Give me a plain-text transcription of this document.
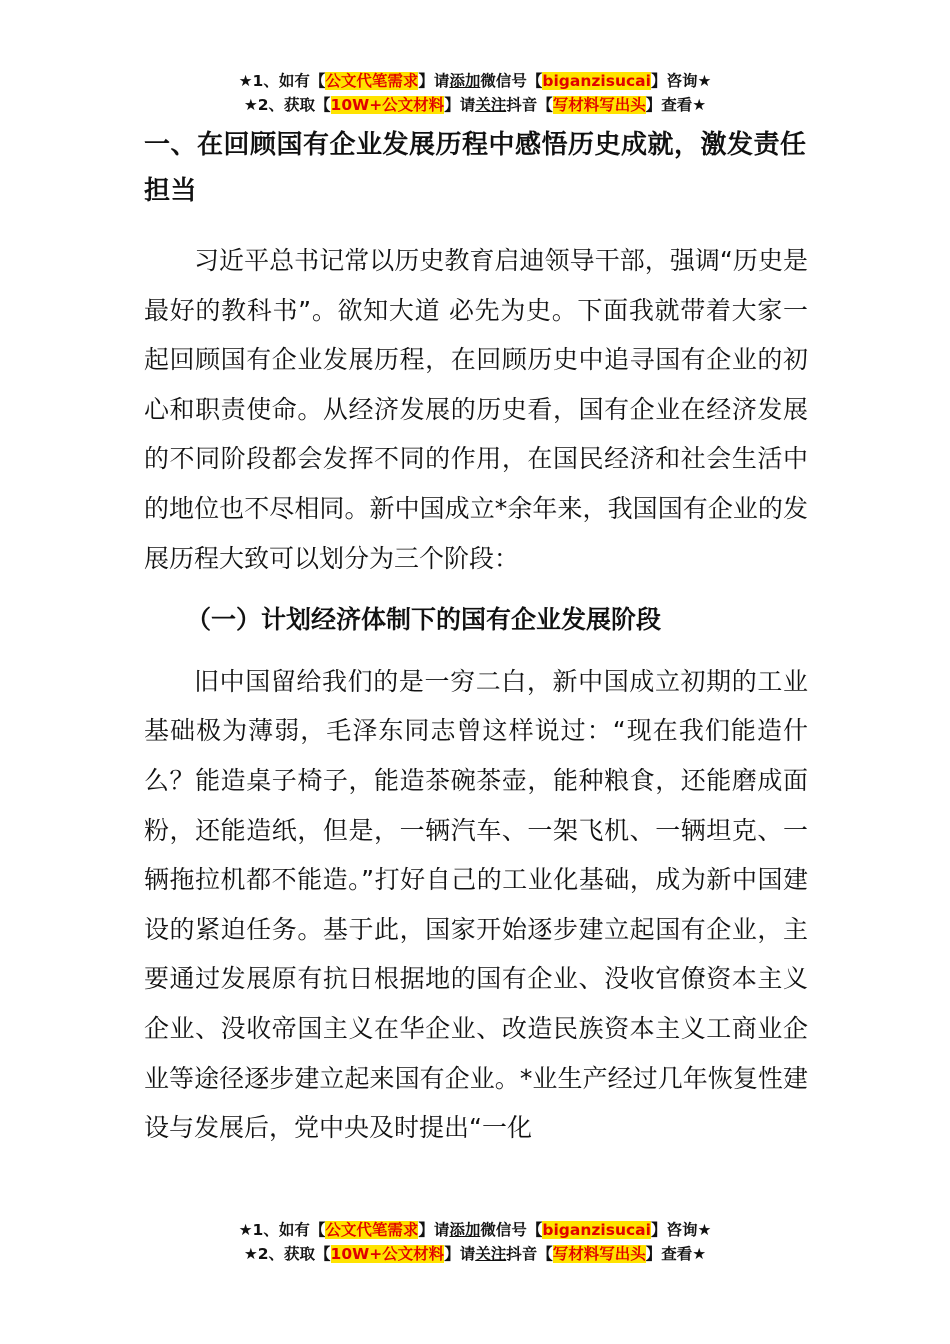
★1、如有【公文代笔需求】请添加微信号【biganzisucai】咨询★
★2、获取【10W+公文材料】请关注抖音【写材料写出头】查看★

一、在回顾国有企业发展历程中感悟历史成就，激发责任担当

习近平总书记常以历史教育启迪领导干部，强调“历史是最好的教科书”。欲知大道 必先为史。下面我就带着大家一起回顾国有企业发展历程，在回顾历史中追寻国有企业的初心和职责使命。从经济发展的历史看，国有企业在经济发展的不同阶段都会发挥不同的作用，在国民经济和社会生活中的地位也不尽相同。新中国成立*余年来，我国国有企业的发展历程大致可以划分为三个阶段：

（一）计划经济体制下的国有企业发展阶段

旧中国留给我们的是一穷二白，新中国成立初期的工业基础极为薄弱，毛泽东同志曾这样说过：“现在我们能造什么？能造桌子椅子，能造茶碗茶壶，能种粮食，还能磨成面粉，还能造纸，但是，一辆汽车、一架飞机、一辆坦克、一辆拖拉机都不能造。”打好自己的工业化基础，成为新中国建设的紧迫任务。基于此，国家开始逐步建立起国有企业，主要通过发展原有抗日根据地的国有企业、没收官僚资本主义企业、没收帝国主义在华企业、改造民族资本主义工商业企业等途径逐步建立起来国有企业。*业生产经过几年恢复性建设与发展后，党中央及时提出“一化

★1、如有【公文代笔需求】请添加微信号【biganzisucai】咨询★
★2、获取【10W+公文材料】请关注抖音【写材料写出头】查看★
